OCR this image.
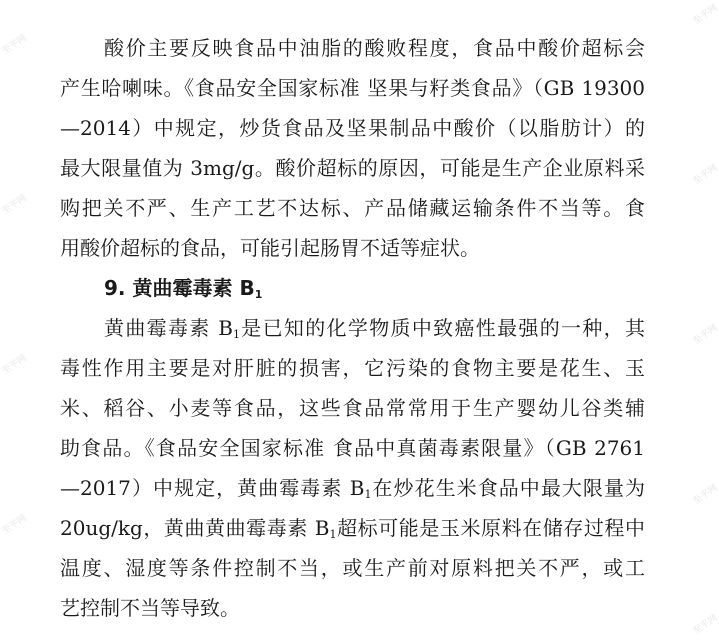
酸价主要反映食品中油脂的酸败程度，食品中酸价超标会
产生哈喇味。《食品安全国家标准 坚果与籽类食品》（GB 19300
—2014）中规定，炒货食品及坚果制品中酸价（以脂肪计）的
最大限量值为 3mg/g。酸价超标的原因，可能是生产企业原料采
购把关不严、生产工艺不达标、产品储藏运输条件不当等。食
用酸价超标的食品，可能引起肠胃不适等症状。
9. 黄曲霉毒素 $B_1$
黄曲霉毒素 $B_1$是已知的化学物质中致癌性最强的一种，其
毒性作用主要是对肝脏的损害，它污染的食物主要是花生、玉
米、稻谷、小麦等食品，这些食品常常用于生产婴幼儿谷类辅
助食品。《食品安全国家标准 食品中真菌毒素限量》（GB 2761
—2017）中规定，黄曲霉毒素 $B_1$在炒花生米食品中最大限量为
20ug/kg，黄曲黄曲霉毒素 $B_1$超标可能是玉米原料在储存过程中
温度、湿度等条件控制不当，或生产前对原料把关不严，或工
艺控制不当等导致。
至平网
至平网
至平网
至平网
至平网
至平网
至平网
至平网
至平网
